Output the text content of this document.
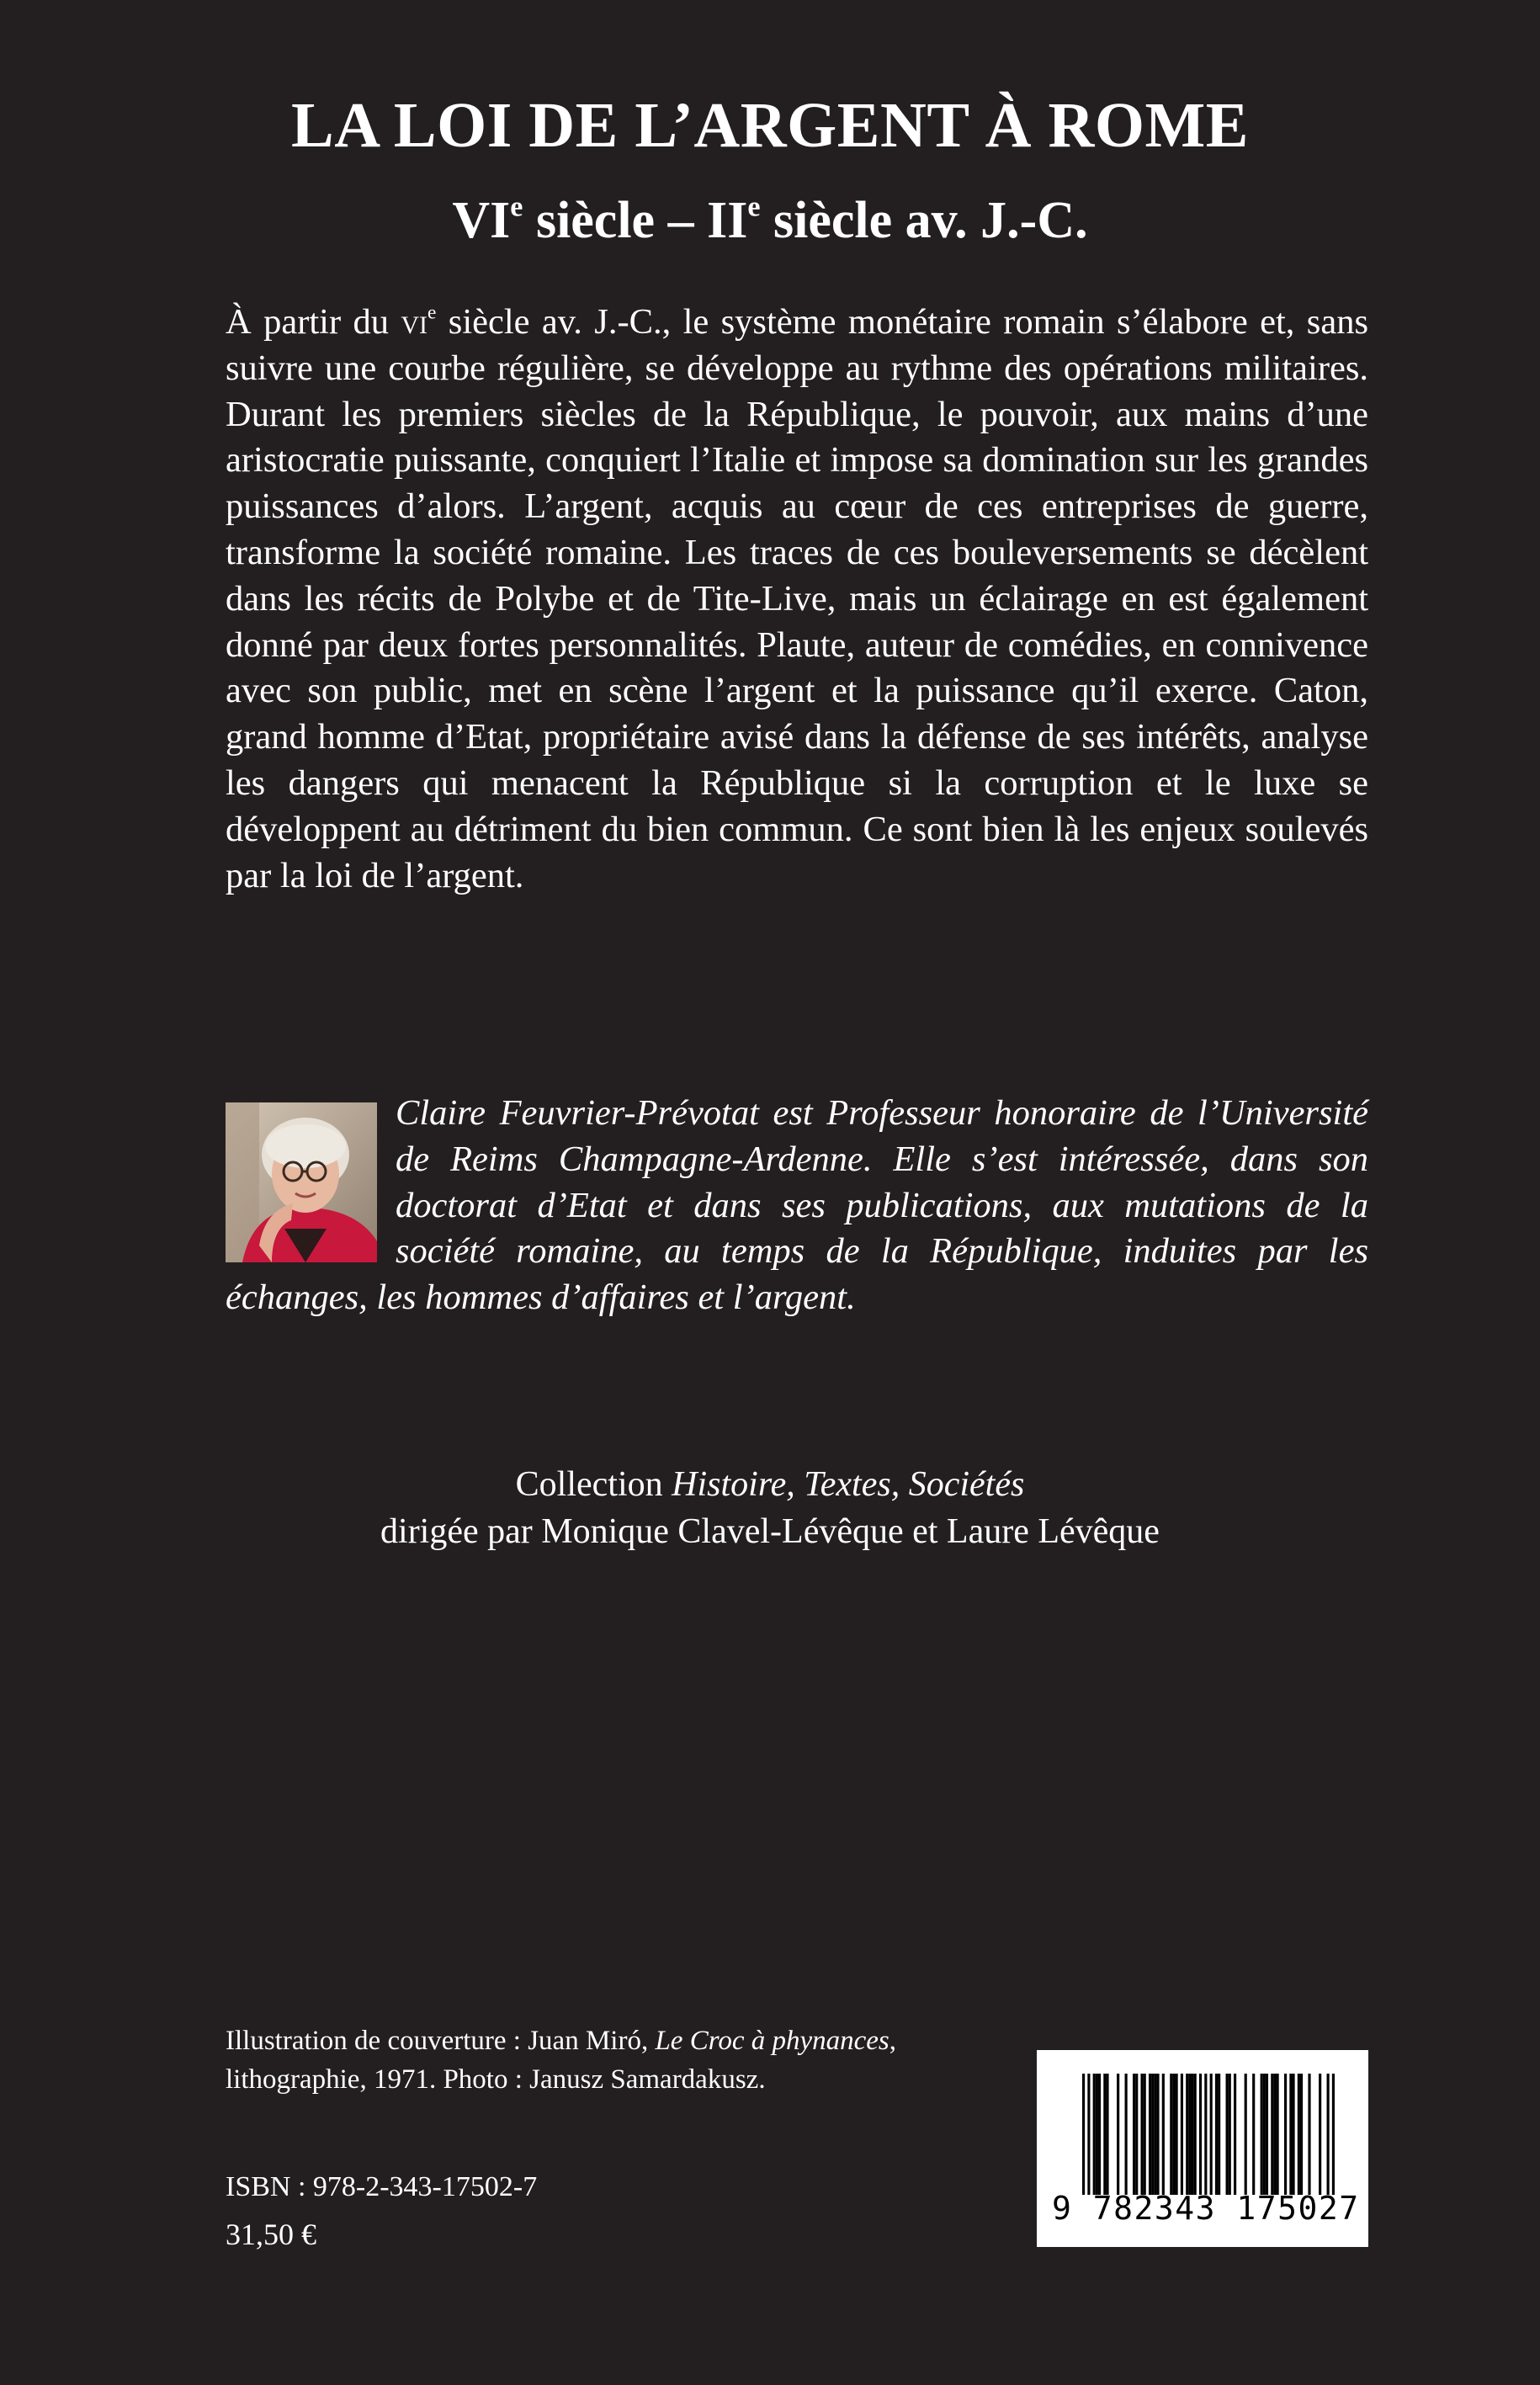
LA LOI DE L’ARGENT À ROME
VIe siècle – IIe siècle av. J.-C.

À partir du $vi^e$ siècle av. J.-C., le système monétaire romain s’élabore et, sans suivre une courbe régulière, se développe au rythme des opérations militaires. Durant les premiers siècles de la République, le pouvoir, aux mains d’une aristocratie puissante, conquiert l’Italie et impose sa domination sur les grandes puissances d’alors. L’argent, acquis au cœur de ces entreprises de guerre, transforme la société romaine. Les traces de ces bouleversements se décèlent dans les récits de Polybe et de Tite-Live, mais un éclairage en est également donné par deux fortes personnalités. Plaute, auteur de comédies, en connivence avec son public, met en scène l’argent et la puissance qu’il exerce. Caton, grand homme d’Etat, propriétaire avisé dans la défense de ses intérêts, analyse les dangers qui menacent la République si la corruption et le luxe se développent au détriment du bien commun. Ce sont bien là les enjeux soulevés par la loi de l’argent.

Claire Feuvrier-Prévotat est Professeur honoraire de l’Université de Reims Champagne-Ardenne. Elle s’est intéressée, dans son doctorat d’Etat et dans ses publications, aux mutations de la société romaine, au temps de la République, induites par les échanges, les hommes d’affaires et l’argent.

Collection Histoire, Textes, Sociétés
dirigée par Monique Clavel-Lévêque et Laure Lévêque
Illustration de couverture : Juan Miró, Le Croc à phynances,
lithographie, 1971. Photo : Janusz Samardakusz.
ISBN : 978-2-343-17502-7
31,50 €
9 782343 175027
